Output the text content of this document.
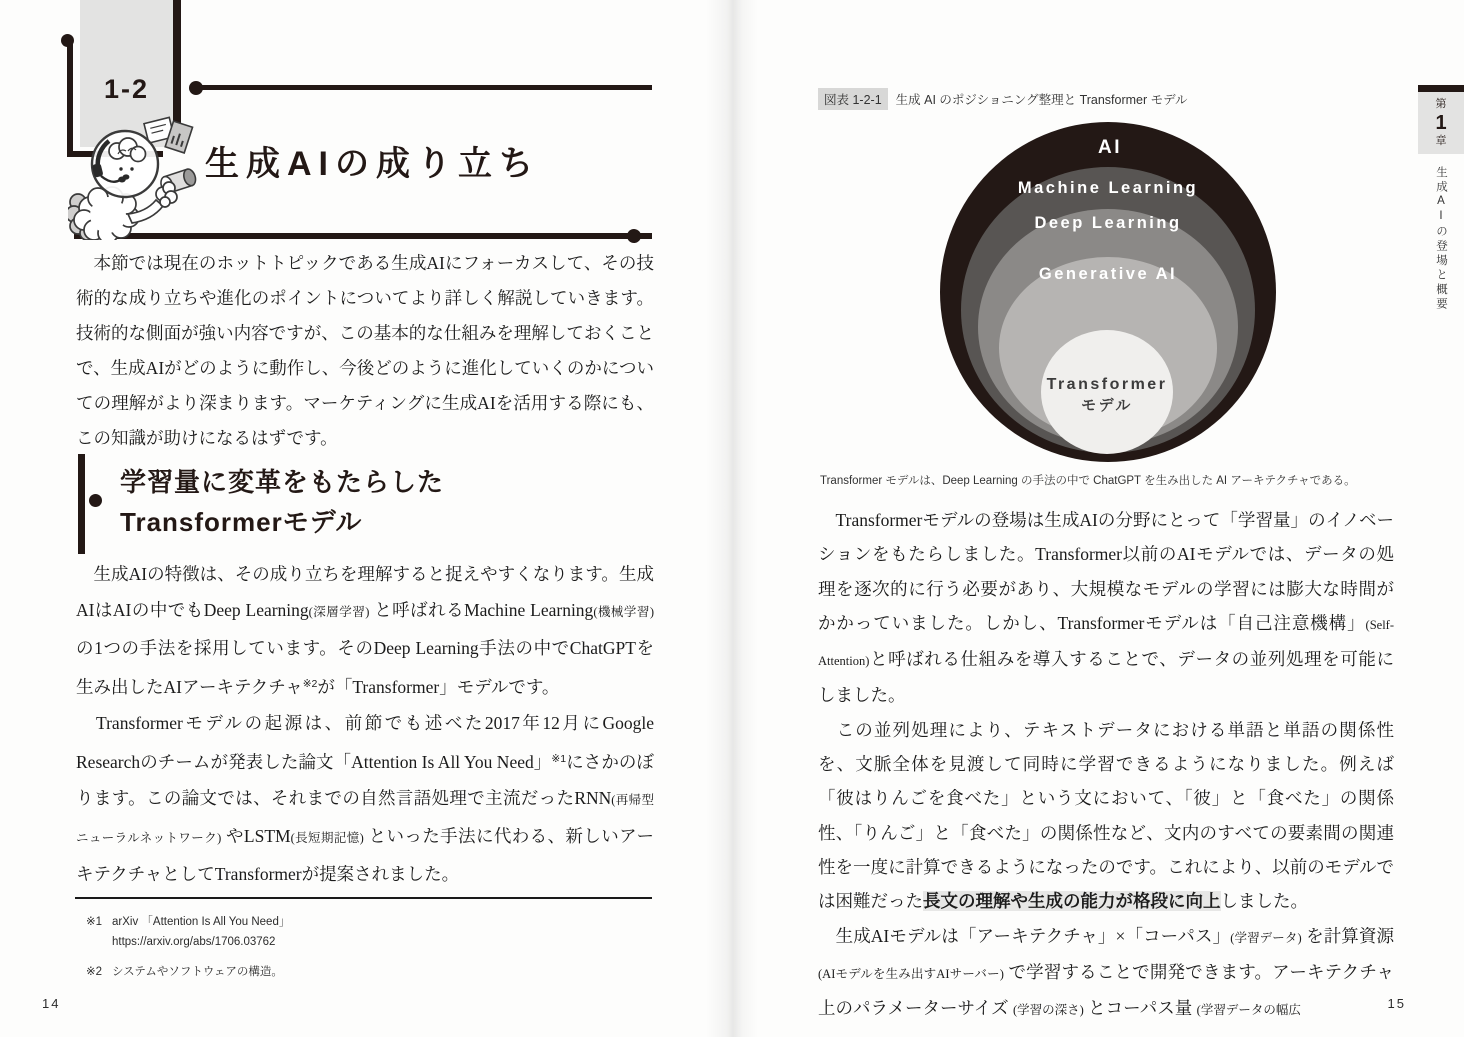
1-2
生成AIの成り立ち
　本節では現在のホットトピックである生成AIにフォーカスして、その技術的な成り立ちや進化のポイントについてより詳しく解説していきます。技術的な側面が強い内容ですが、この基本的な仕組みを理解しておくことで、生成AIがどのように動作し、今後どのように進化していくのかについての理解がより深まります。マーケティングに生成AIを活用する際にも、この知識が助けになるはずです。
学習量に変革をもたらした
Transformerモデル

　生成AIの特徴は、その成り立ちを理解すると捉えやすくなります。生成AIはAIの中でもDeep Learning(深層学習) と呼ばれるMachine Learning(機械学習) の1つの手法を採用しています。そのDeep Learning手法の中でChatGPTを生み出したAIアーキテクチャ$^{※2}$が「Transformer」モデルです。

　Transformerモデルの起源は、前節でも述べた2017年12月にGoogle Researchのチームが発表した論文「Attention Is All You Need」$^{※1}$にさかのぼります。この論文では、それまでの自然言語処理で主流だったRNN(再帰型ニューラルネットワーク) やLSTM(長短期記憶) といった手法に代わる、新しいアーキテクチャとしてTransformerが提案されました。

※1 arXiv 「Attention Is All You Need」
https://arxiv.org/abs/1706.03762
※2 システムやソフトウェアの構造。
14
図表 1-2-1	生成 AI のポジショニング整理と Transformer モデル
AI
Machine Learning
Deep Learning
Generative AI
Transformer
モデル
Transformer モデルは、Deep Learning の手法の中で ChatGPT を生み出した AI アーキテクチャである。

　Transformerモデルの登場は生成AIの分野にとって「学習量」のイノベーションをもたらしました。Transformer以前のAIモデルでは、データの処理を逐次的に行う必要があり、大規模なモデルの学習には膨大な時間がかかっていました。しかし、Transformerモデルは「自己注意機構」(Self-Attention)と呼ばれる仕組みを導入することで、データの並列処理を可能にしました。

　この並列処理により、テキストデータにおける単語と単語の関係性を、文脈全体を見渡して同時に学習できるようになりました。例えば「彼はりんごを食べた」という文において、「彼」と「食べた」の関係性、「りんご」と「食べた」の関係性など、文内のすべての要素間の関連性を一度に計算できるようになったのです。これにより、以前のモデルでは困難だった長文の理解や生成の能力が格段に向上しました。

　生成AIモデルは「アーキテクチャ」×「コーパス」(学習データ) を計算資源 (AIモデルを生み出すAIサーバー) で学習することで開発できます。アーキテクチャ上のパラメーターサイズ (学習の深さ) とコーパス量 (学習データの幅広

第
1
章
生成AIの登場と概要
15
